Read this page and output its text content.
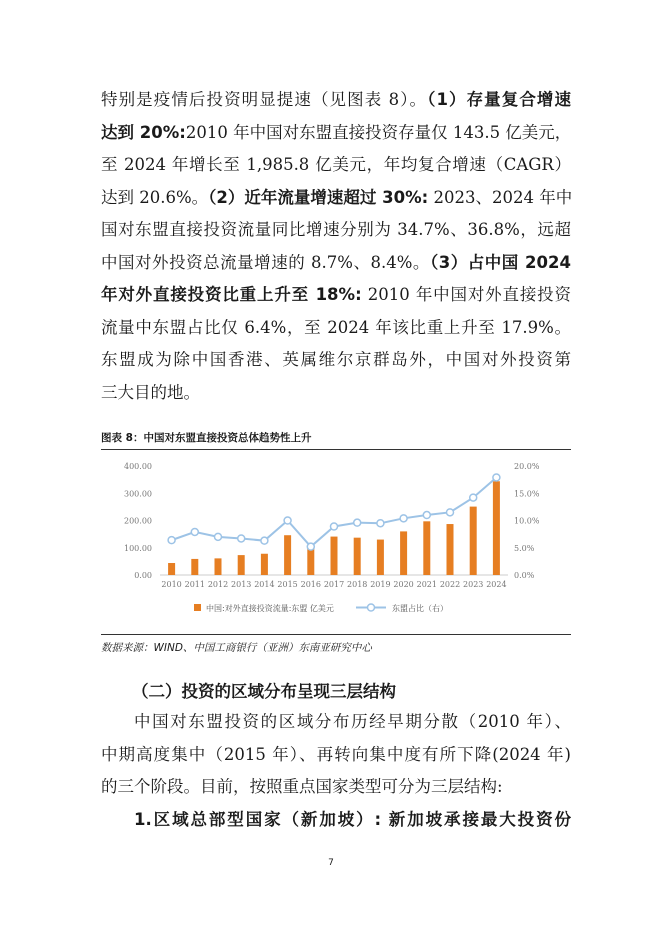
特别是疫情后投资明显提速（见图表 8）。（1）存量复合增速
达到 20%:2010 年中国对东盟直接投资存量仅 143.5 亿美元，
至 2024 年增长至 1,985.8 亿美元，年均复合增速（CAGR）
达到 20.6%。（2）近年流量增速超过 30%: 2023、2024 年中
国对东盟直接投资流量同比增速分别为 34.7%、36.8%，远超
中国对外投资总流量增速的 8.7%、8.4%。（3）占中国 2024
年对外直接投资比重上升至 18%: 2010 年中国对外直接投资
流量中东盟占比仅 6.4%，至 2024 年该比重上升至 17.9%。
东盟成为除中国香港、英属维尔京群岛外，中国对外投资第
三大目的地。
图表 8：中国对东盟直接投资总体趋势性上升
0.00
100.00
200.00
300.00
400.00
0.0%
5.0%
10.0%
15.0%
20.0%
2010 2011 2012 2013 2014 2015 2016 2017 2018 2019 2020 2021 2022 2023 2024
中国:对外直接投资流量:东盟 亿美元	东盟占比（右）
数据来源：WIND、中国工商银行（亚洲）东南亚研究中心
（二）投资的区域分布呈现三层结构
中国对东盟投资的区域分布历经早期分散（2010 年）、
中期高度集中（2015 年）、再转向集中度有所下降(2024 年)
的三个阶段。目前，按照重点国家类型可分为三层结构:
1.区域总部型国家（新加坡）: 新加坡承接最大投资份
7
